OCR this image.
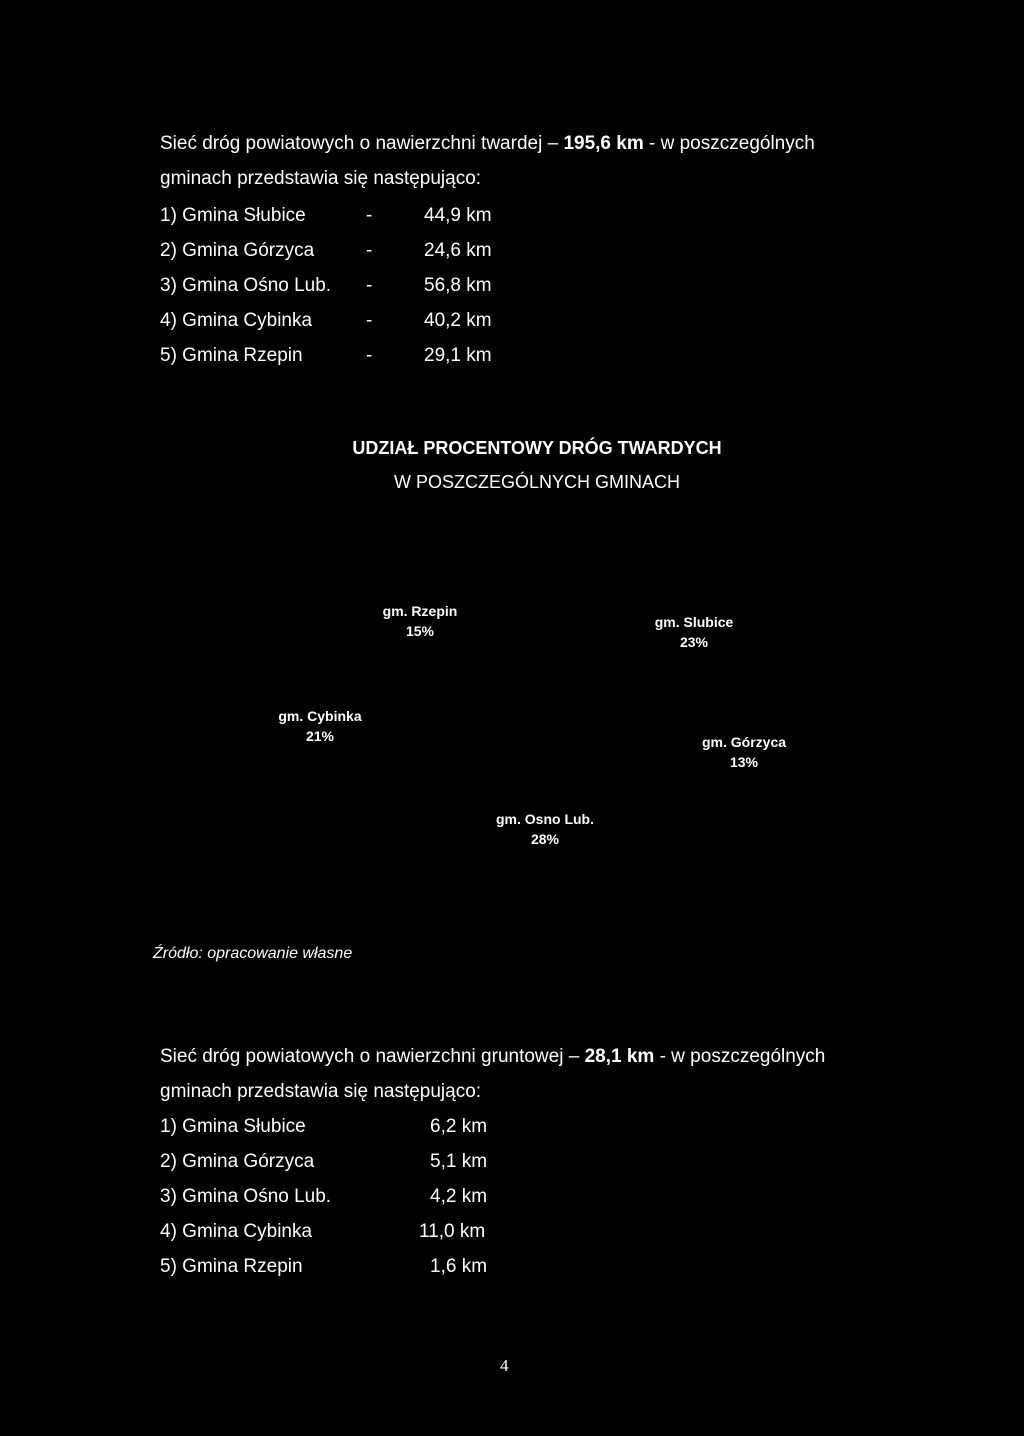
Sieć dróg powiatowych o nawierzchni twardej – 195,6 km - w poszczególnych
gminach przedstawia się następująco:
1) Gmina Słubice	-	44,9 km
2) Gmina Górzyca	-	24,6 km
3) Gmina Ośno Lub. -	56,8 km
4) Gmina Cybinka	-	40,2 km
5) Gmina Rzepin	-	29,1 km
UDZIAŁ PROCENTOWY DRÓG TWARDYCH
W POSZCZEGÓLNYCH GMINACH
gm. Rzepin
15%
gm. Slubice
23%
gm. Cybinka
21%	gm. Górzyca
13%
gm. Osno Lub.
28%
Źródło: opracowanie własne
Sieć dróg powiatowych o nawierzchni gruntowej – 28,1 km - w poszczególnych
gminach przedstawia się następująco:
1) Gmina Słubice	6,2 km
2) Gmina Górzyca	5,1 km
3) Gmina Ośno Lub.	4,2 km
4) Gmina Cybinka	11,0 km
5) Gmina Rzepin	1,6 km
4
